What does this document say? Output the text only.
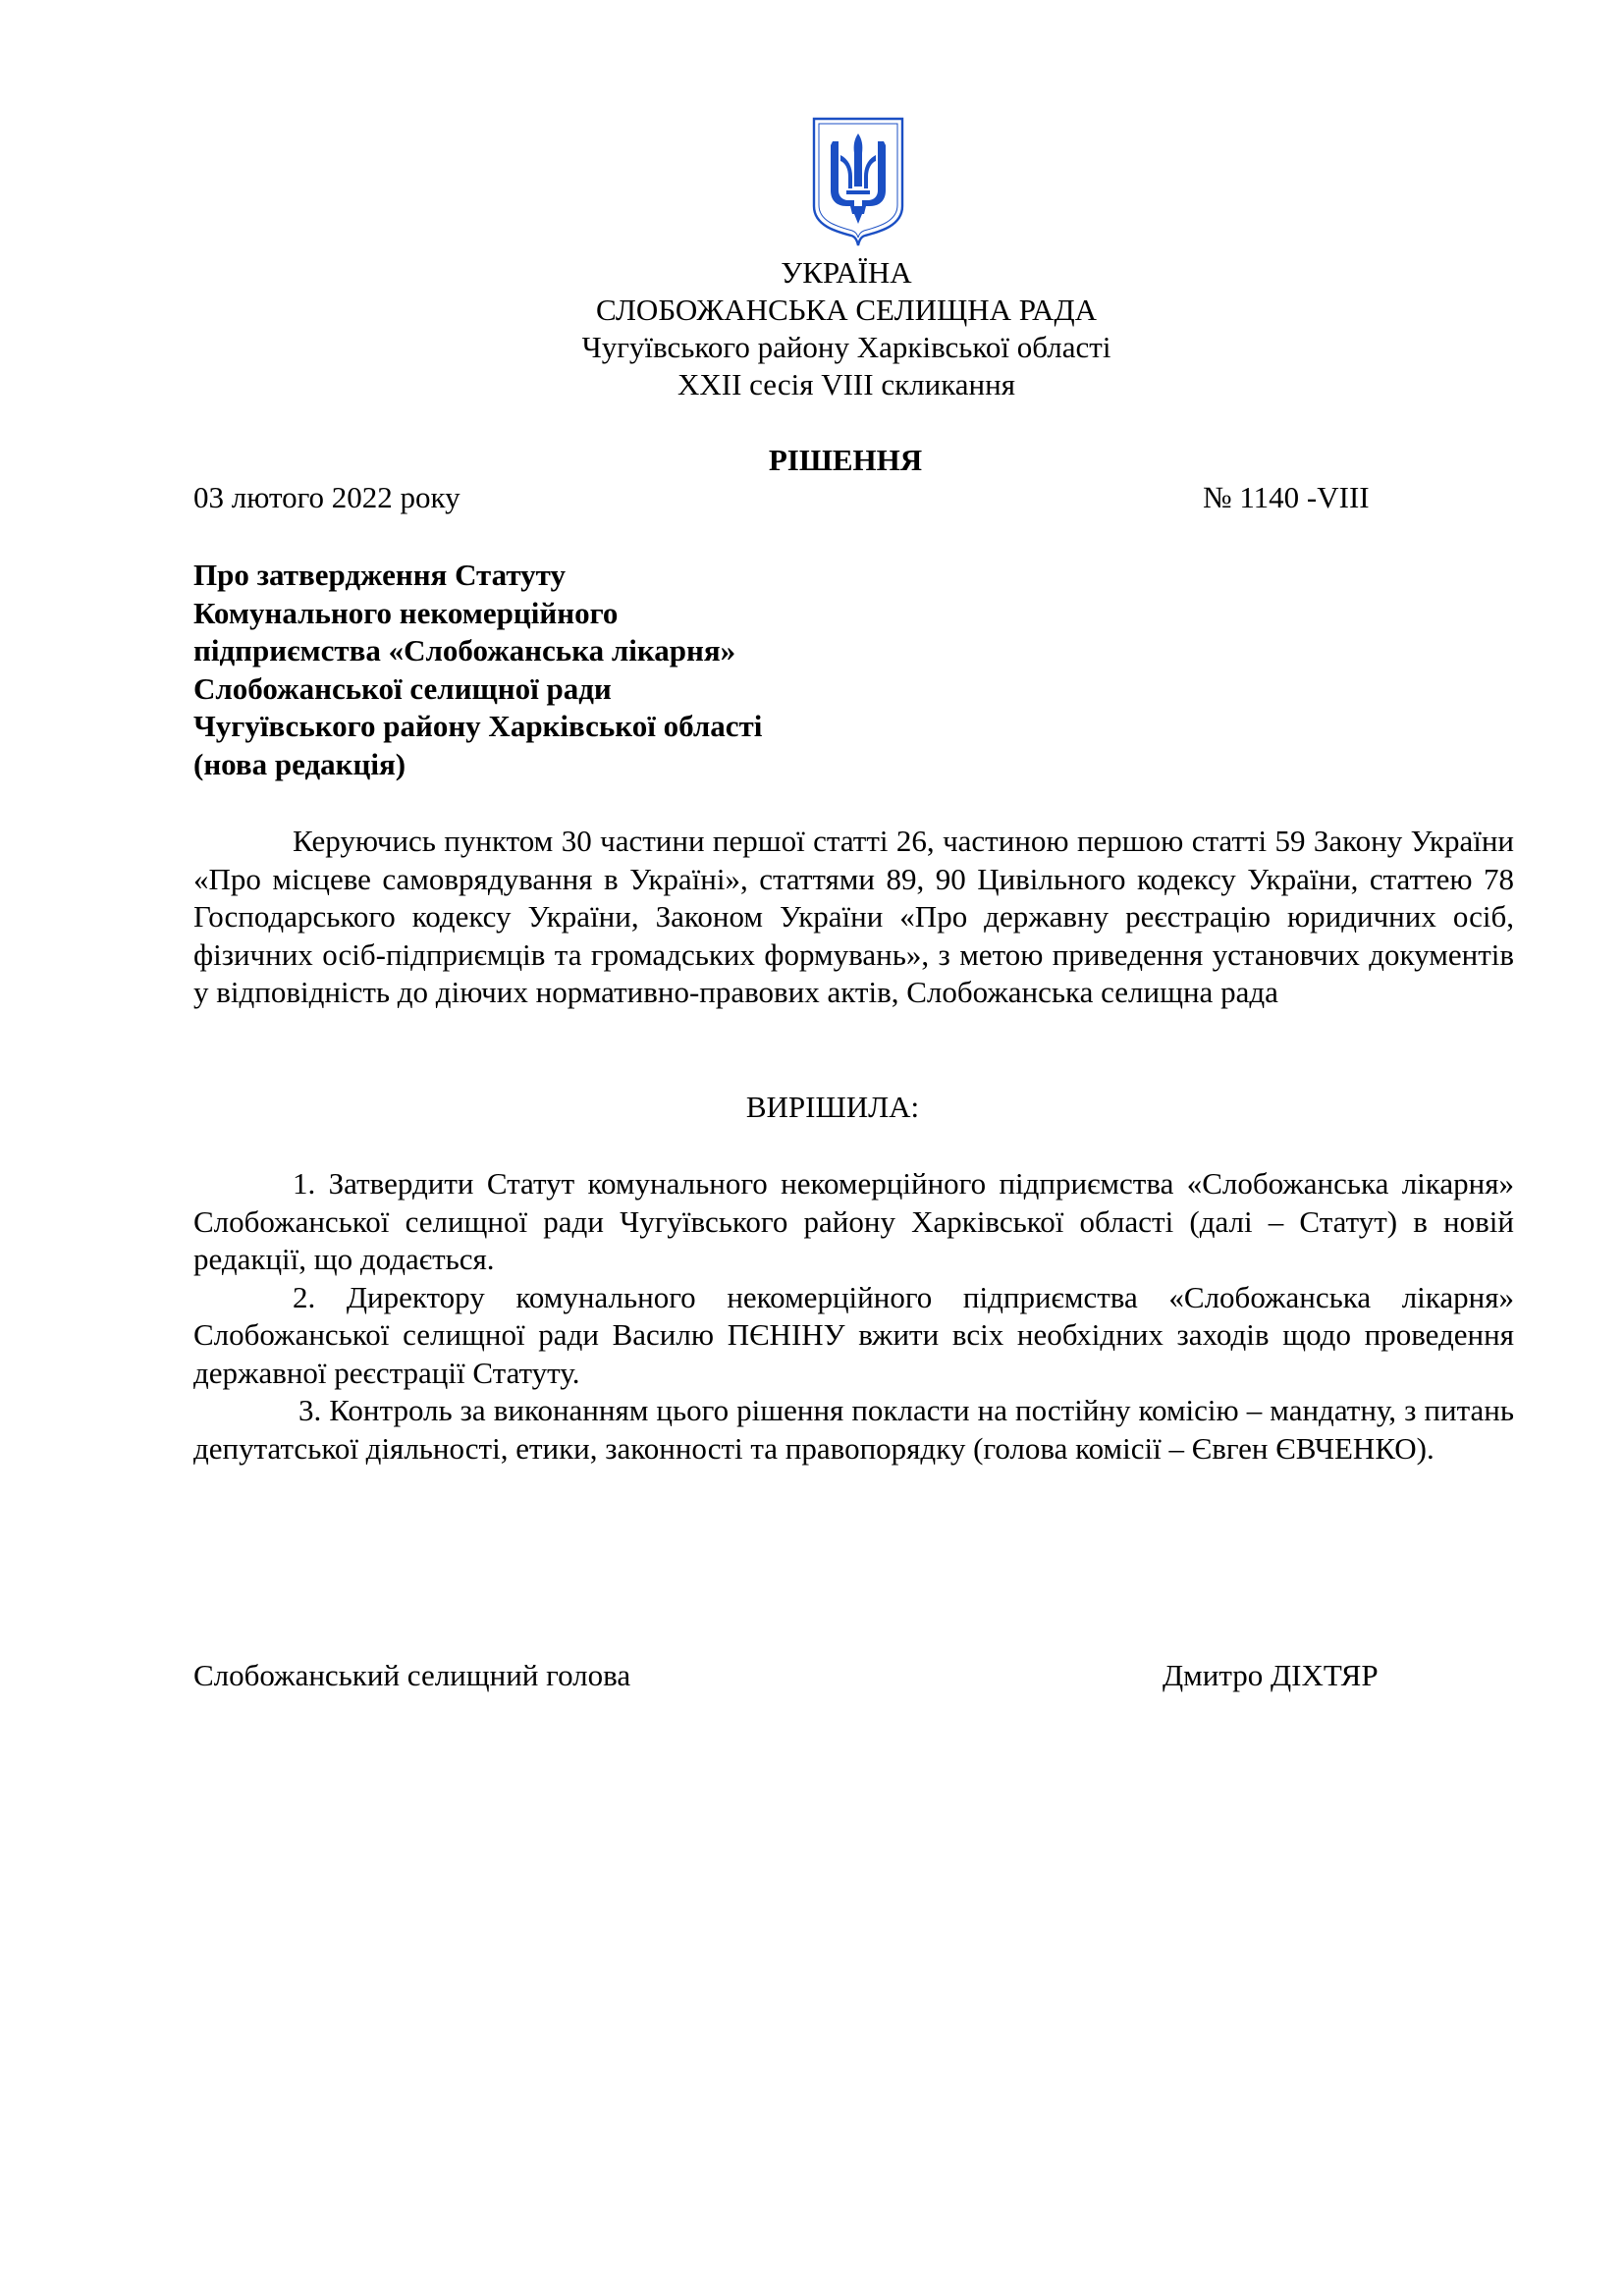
УКРАЇНА
СЛОБОЖАНСЬКА СЕЛИЩНА РАДА
Чугуївського району Харківської області
XXII сесія VIII скликання
РІШЕННЯ
03 лютого 2022 року	№ 1140 -VIII
Про затвердження Статуту
Комунального некомерційного
підприємства «Слобожанська лікарня»
Слобожанської селищної ради
Чугуївського району Харківської області
(нова редакція)

Керуючись пунктом 30 частини першої статті 26, частиною першою статті 59 Закону України «Про місцеве самоврядування в Україні», статтями 89, 90 Цивільного кодексу України, статтею 78 Господарського кодексу України, Законом України «Про державну реєстрацію юридичних осіб, фізичних осіб-підприємців та громадських формувань», з метою приведення установчих документів у відповідність до діючих нормативно-правових актів, Слобожанська селищна рада

ВИРІШИЛА:

1. Затвердити Статут комунального некомерційного підприємства «Слобожанська лікарня» Слобожанської селищної ради Чугуївського району Харківської області (далі – Статут) в новій редакції, що додається.

2. Директору комунального некомерційного підприємства «Слобожанська лікарня» Слобожанської селищної ради Василю ПЄНІНУ вжити всіх необхідних заходів щодо проведення державної реєстрації Статуту.

3. Контроль за виконанням цього рішення покласти на постійну комісію – мандатну, з питань депутатської діяльності, етики, законності та правопорядку (голова комісії – Євген ЄВЧЕНКО).

Слобожанський селищний голова	Дмитро ДІХТЯР
